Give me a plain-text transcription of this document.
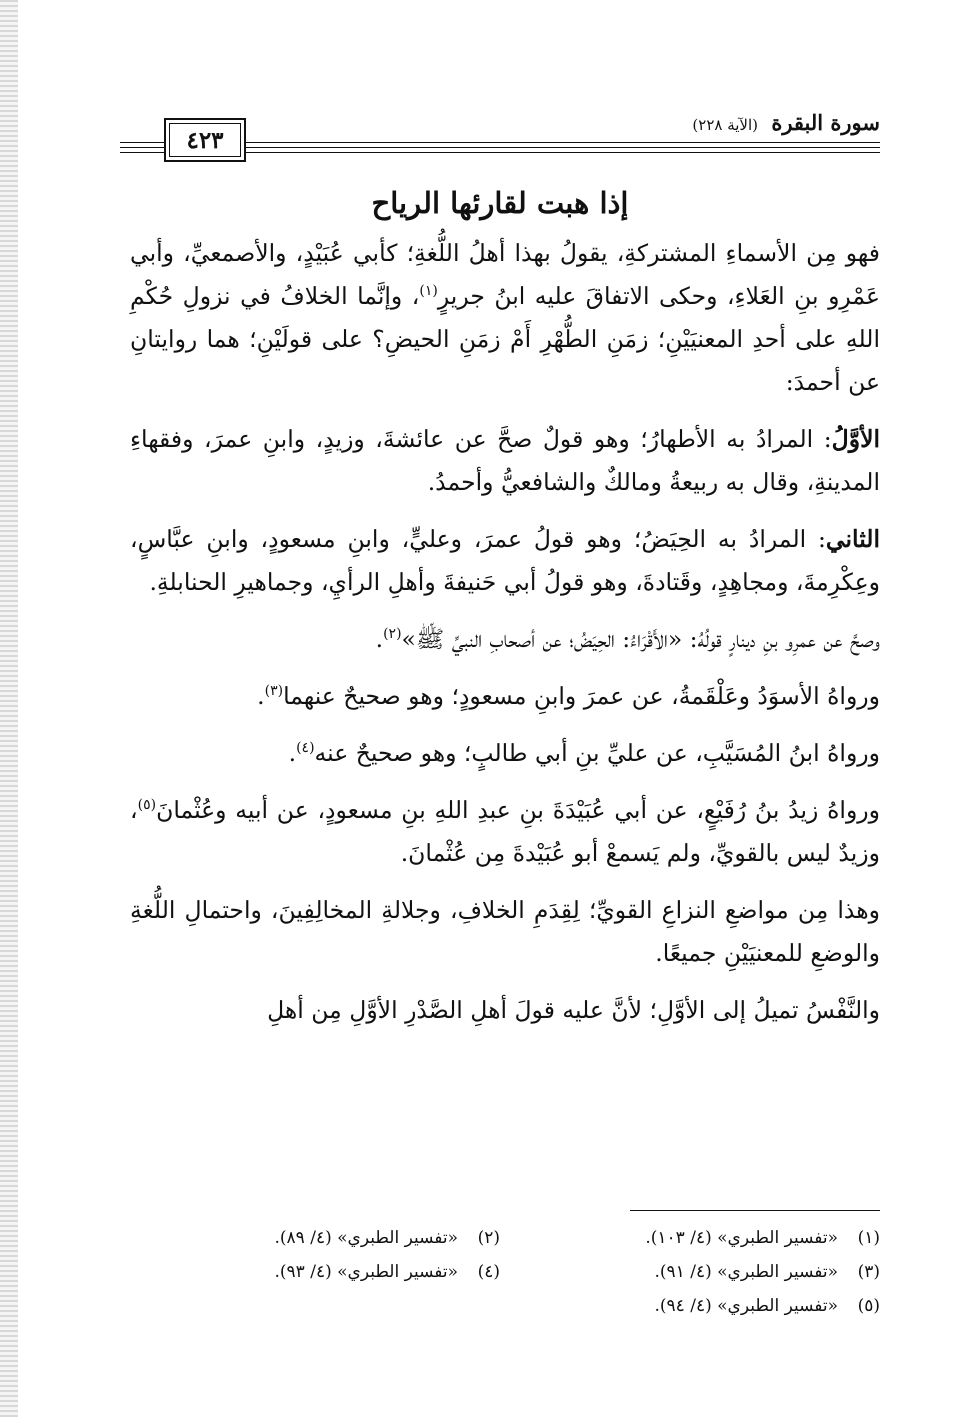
سورة البقرة (الآية ٢٢٨)
٤٢٣
إذا هبت لقارئها الرياح

فهو مِن الأسماءِ المشتركةِ، يقولُ بهذا أهلُ اللُّغةِ؛ كأبي عُبَيْدٍ، والأصمعيِّ، وأبي عَمْرِو بنِ العَلاءِ، وحكى الاتفاقَ عليه ابنُ جريرٍ$^{(١)}$، وإنَّما الخلافُ في نزولِ حُكْمِ اللهِ على أحدِ المعنيَيْنِ؛ زمَنِ الطُّهْرِ أَمْ زمَنِ الحيضِ؟ على قولَيْنِ؛ هما روايتانِ عن أحمدَ:

الأوَّلُ: المرادُ به الأطهارُ؛ وهو قولٌ صحَّ عن عائشةَ، وزيدٍ، وابنِ عمرَ، وفقهاءِ المدينةِ، وقال به ربيعةُ ومالكٌ والشافعيُّ وأحمدُ.

الثاني: المرادُ به الحِيَضُ؛ وهو قولُ عمرَ، وعليٍّ، وابنِ مسعودٍ، وابنِ عبَّاسٍ، وعِكْرِمةَ، ومجاهِدٍ، وقَتادةَ، وهو قولُ أبي حَنيفةَ وأهلِ الرأيِ، وجماهيرِ الحنابلةِ.

وصحَّ عن عمرِو بنِ دينارٍ قولُهُ: «الأَقْرَاءُ: الحِيَضُ؛ عن أصحابِ النبيِّ ﷺ»$^{(٢)}$.

ورواهُ الأسوَدُ وعَلْقَمةُ، عن عمرَ وابنِ مسعودٍ؛ وهو صحيحٌ عنهما$^{(٣)}$.

ورواهُ ابنُ المُسَيَّبِ، عن عليِّ بنِ أبي طالبٍ؛ وهو صحيحٌ عنه$^{(٤)}$.

ورواهُ زيدُ بنُ رُفَيْعٍ، عن أبي عُبَيْدَةَ بنِ عبدِ اللهِ بنِ مسعودٍ، عن أبيه وعُثْمانَ$^{(٥)}$، وزيدٌ ليس بالقويِّ، ولم يَسمعْ أبو عُبَيْدةَ مِن عُثْمانَ.

وهذا مِن مواضعِ النزاعِ القويِّ؛ لِقِدَمِ الخلافِ، وجلالةِ المخالِفِينَ، واحتمالِ اللُّغةِ والوضعِ للمعنيَيْنِ جميعًا.

والنَّفْسُ تميلُ إلى الأوَّلِ؛ لأنَّ عليه قولَ أهلِ الصَّدْرِ الأوَّلِ مِن أهلِ

(١)«تفسير الطبري» (٤/ ١٠٣).
(٢)«تفسير الطبري» (٤/ ٨٩).
(٣)«تفسير الطبري» (٤/ ٩١).
(٤)«تفسير الطبري» (٤/ ٩٣).
(٥)«تفسير الطبري» (٤/ ٩٤).
